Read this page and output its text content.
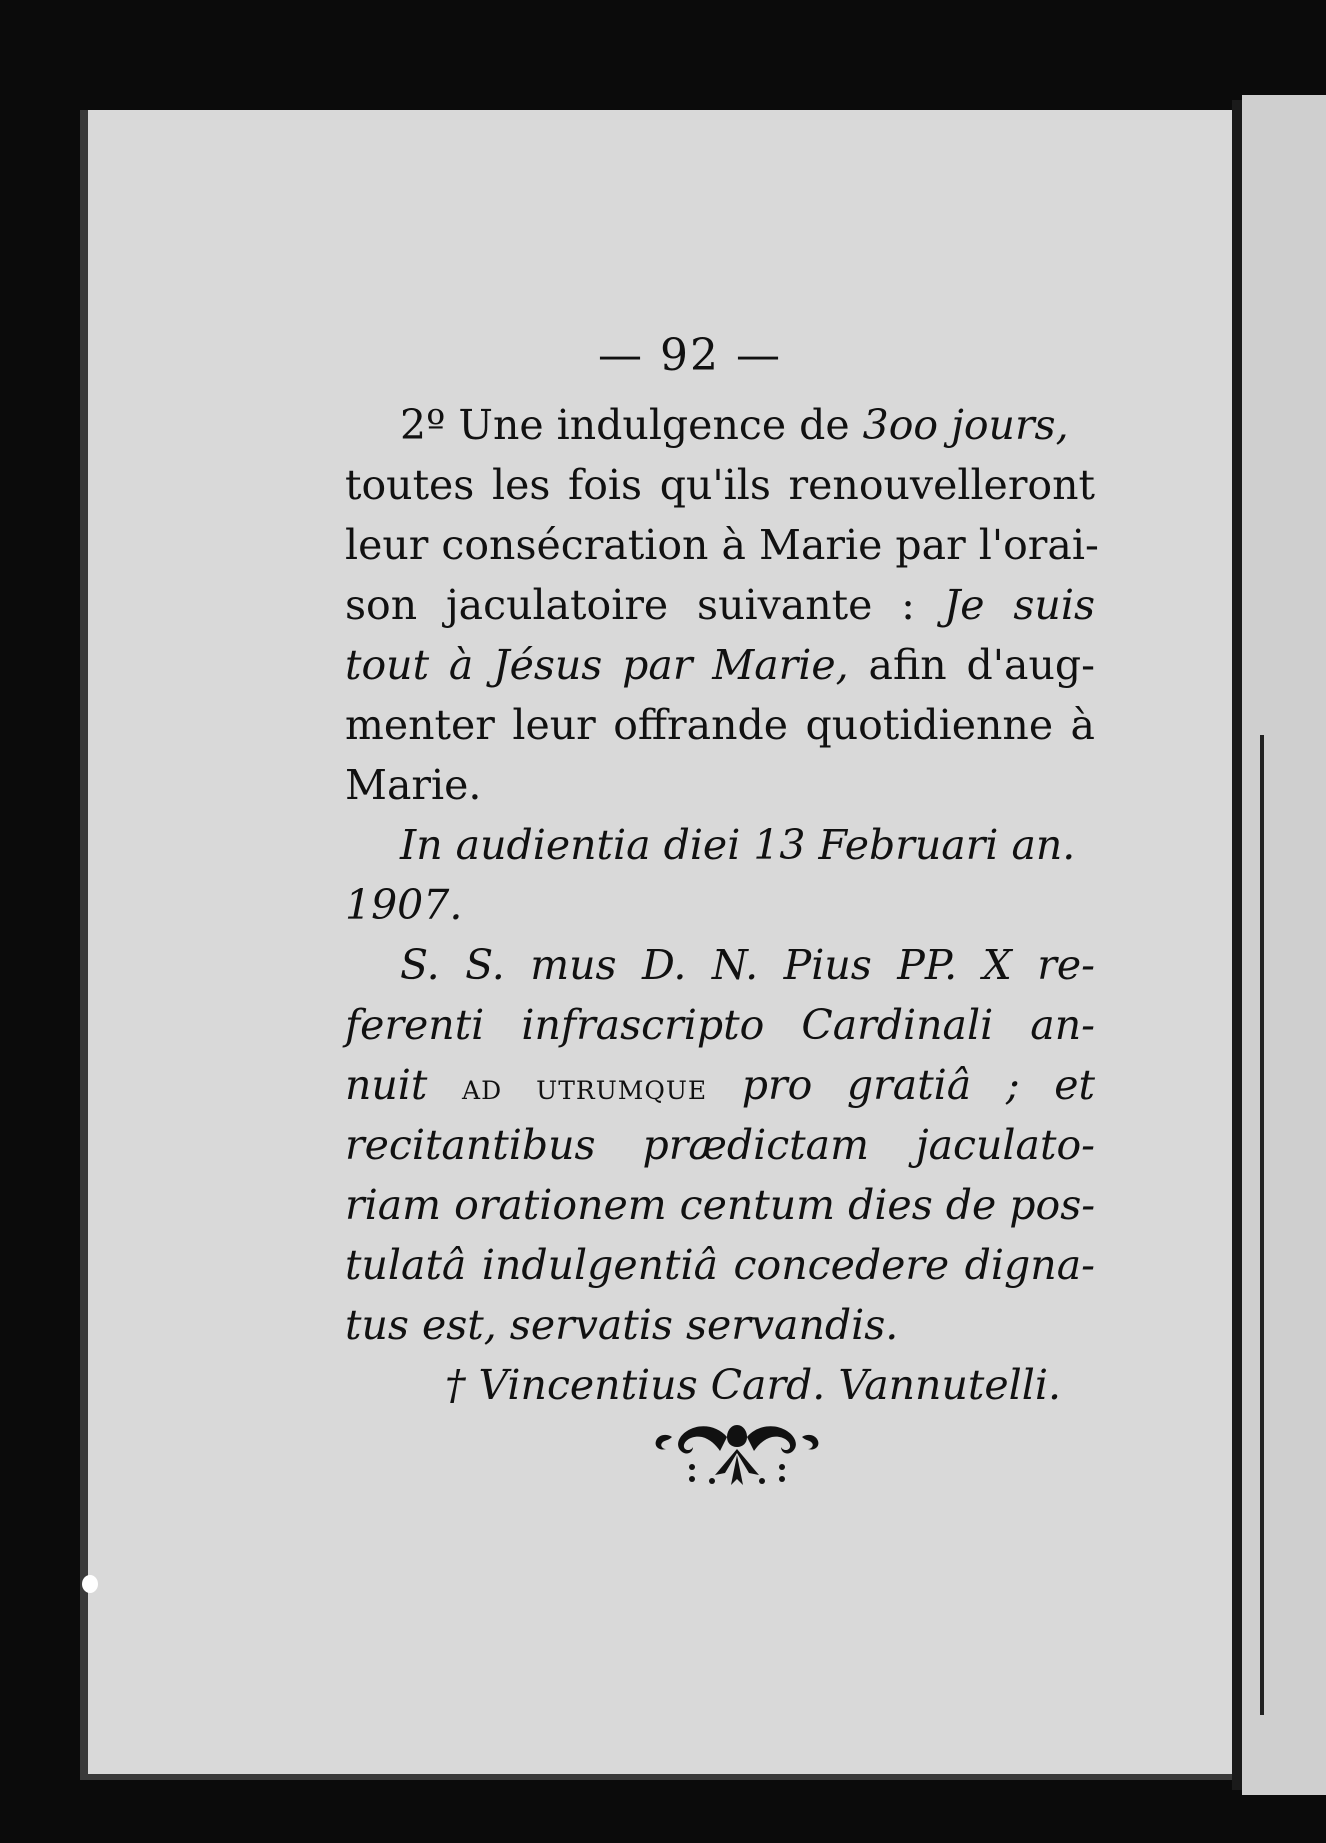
— 92 —
2º Une indulgence de 3oo jours,
toutes les fois qu'ils renouvelleront
leur consécration à Marie par l'orai-
son jaculatoire suivante : Je suis
tout à Jésus par Marie, afin d'aug-
menter leur offrande quotidienne à
Marie.
In audientia diei 13 Februari an.
1907.
S. S. mus D. N. Pius PP. X re-
ferenti infrascripto Cardinali an-
nuit ad utrumque pro gratiâ ; et
recitantibus prædictam jaculato-
riam orationem centum dies de pos-
tulatâ indulgentiâ concedere digna-
tus est, servatis servandis.
† Vincentius Card. Vannutelli.
